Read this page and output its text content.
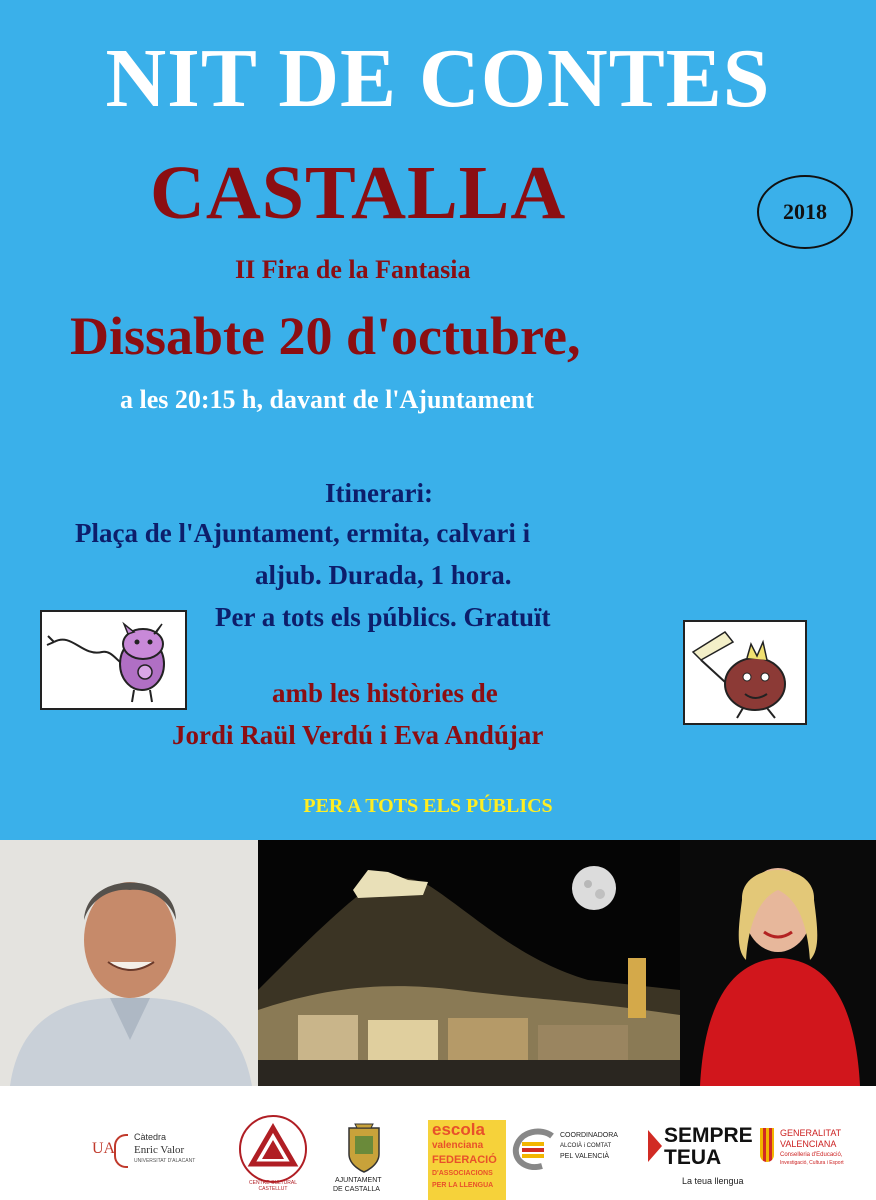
NIT DE CONTES
CASTALLA	2018
II Fira de la Fantasia
Dissabte 20 d'octubre,
a les 20:15 h, davant de l'Ajuntament
Itinerari:
Plaça de l'Ajuntament, ermita, calvari i
aljub. Durada, 1 hora.
Per a tots els públics. Gratuït
amb les històries de
Jordi Raül Verdú i Eva Andújar
PER A TOTS ELS PÚBLICS
UA
Càtedra
Enric Valor
UNIVERSITAT D'ALACANT
CENTRE CULTURAL CASTELLUT
AJUNTAMENT
DE CASTALLA
escola
valenciana
FEDERACIÓ
D'ASSOCIACIONS
PER LA LLENGUA
COORDINADORA
ALCOIÀ i COMTAT
PEL VALENCIÀ
SEMPRE
TEUA
La teua llengua
GENERALITAT
VALENCIANA
Conselleria d'Educació,
Investigació, Cultura i Esport
